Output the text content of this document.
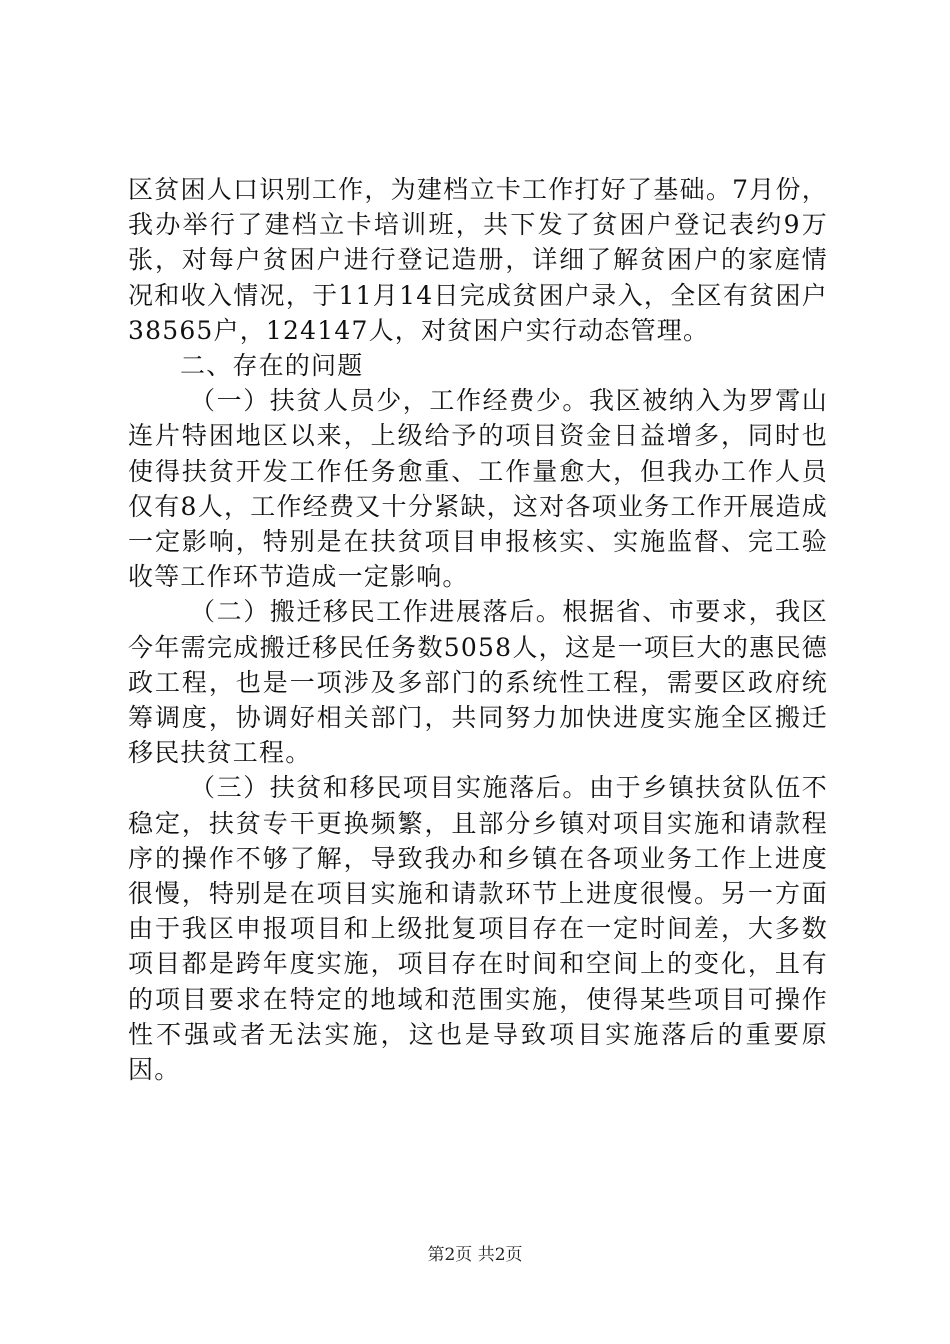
区贫困人口识别工作，为建档立卡工作打好了基础。7月份，我办举行了建档立卡培训班，共下发了贫困户登记表约9万张，对每户贫困户进行登记造册，详细了解贫困户的家庭情况和收入情况，于11月14日完成贫困户录入，全区有贫困户38565户，124147人，对贫困户实行动态管理。

二、存在的问题

（一）扶贫人员少，工作经费少。我区被纳入为罗霄山连片特困地区以来，上级给予的项目资金日益增多，同时也使得扶贫开发工作任务愈重、工作量愈大，但我办工作人员仅有8人，工作经费又十分紧缺，这对各项业务工作开展造成一定影响，特别是在扶贫项目申报核实、实施监督、完工验收等工作环节造成一定影响。

（二）搬迁移民工作进展落后。根据省、市要求，我区今年需完成搬迁移民任务数5058人，这是一项巨大的惠民德政工程，也是一项涉及多部门的系统性工程，需要区政府统筹调度，协调好相关部门，共同努力加快进度实施全区搬迁移民扶贫工程。

（三）扶贫和移民项目实施落后。由于乡镇扶贫队伍不稳定，扶贫专干更换频繁，且部分乡镇对项目实施和请款程序的操作不够了解，导致我办和乡镇在各项业务工作上进度很慢，特别是在项目实施和请款环节上进度很慢。另一方面由于我区申报项目和上级批复项目存在一定时间差，大多数项目都是跨年度实施，项目存在时间和空间上的变化，且有的项目要求在特定的地域和范围实施，使得某些项目可操作性不强或者无法实施，这也是导致项目实施落后的重要原因。

第2页 共2页
